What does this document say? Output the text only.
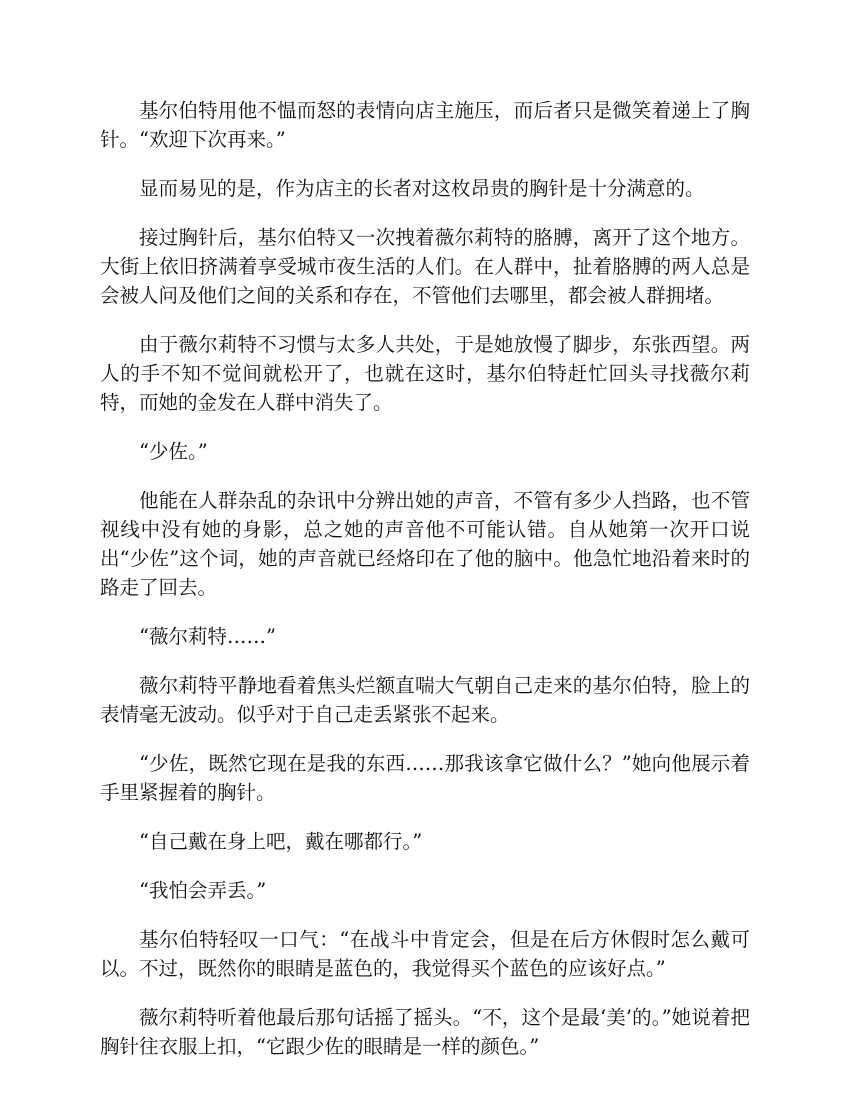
基尔伯特用他不愠而怒的表情向店主施压，而后者只是微笑着递上了胸针。“欢迎下次再来。”

显而易见的是，作为店主的长者对这枚昂贵的胸针是十分满意的。

接过胸针后，基尔伯特又一次拽着薇尔莉特的胳膊，离开了这个地方。大街上依旧挤满着享受城市夜生活的人们。在人群中，扯着胳膊的两人总是会被人问及他们之间的关系和存在，不管他们去哪里，都会被人群拥堵。

由于薇尔莉特不习惯与太多人共处，于是她放慢了脚步，东张西望。两人的手不知不觉间就松开了，也就在这时，基尔伯特赶忙回头寻找薇尔莉特，而她的金发在人群中消失了。

“少佐。”

他能在人群杂乱的杂讯中分辨出她的声音，不管有多少人挡路，也不管视线中没有她的身影，总之她的声音他不可能认错。自从她第一次开口说出“少佐”这个词，她的声音就已经烙印在了他的脑中。他急忙地沿着来时的路走了回去。

“薇尔莉特……”

薇尔莉特平静地看着焦头烂额直喘大气朝自己走来的基尔伯特，脸上的表情毫无波动。似乎对于自己走丢紧张不起来。

“少佐，既然它现在是我的东西……那我该拿它做什么？”她向他展示着手里紧握着的胸针。

“自己戴在身上吧，戴在哪都行。”

“我怕会弄丢。”

基尔伯特轻叹一口气：“在战斗中肯定会，但是在后方休假时怎么戴可以。不过，既然你的眼睛是蓝色的，我觉得买个蓝色的应该好点。”

薇尔莉特听着他最后那句话摇了摇头。“不，这个是最‘美’的。”她说着把胸针往衣服上扣，“它跟少佐的眼睛是一样的颜色。”
